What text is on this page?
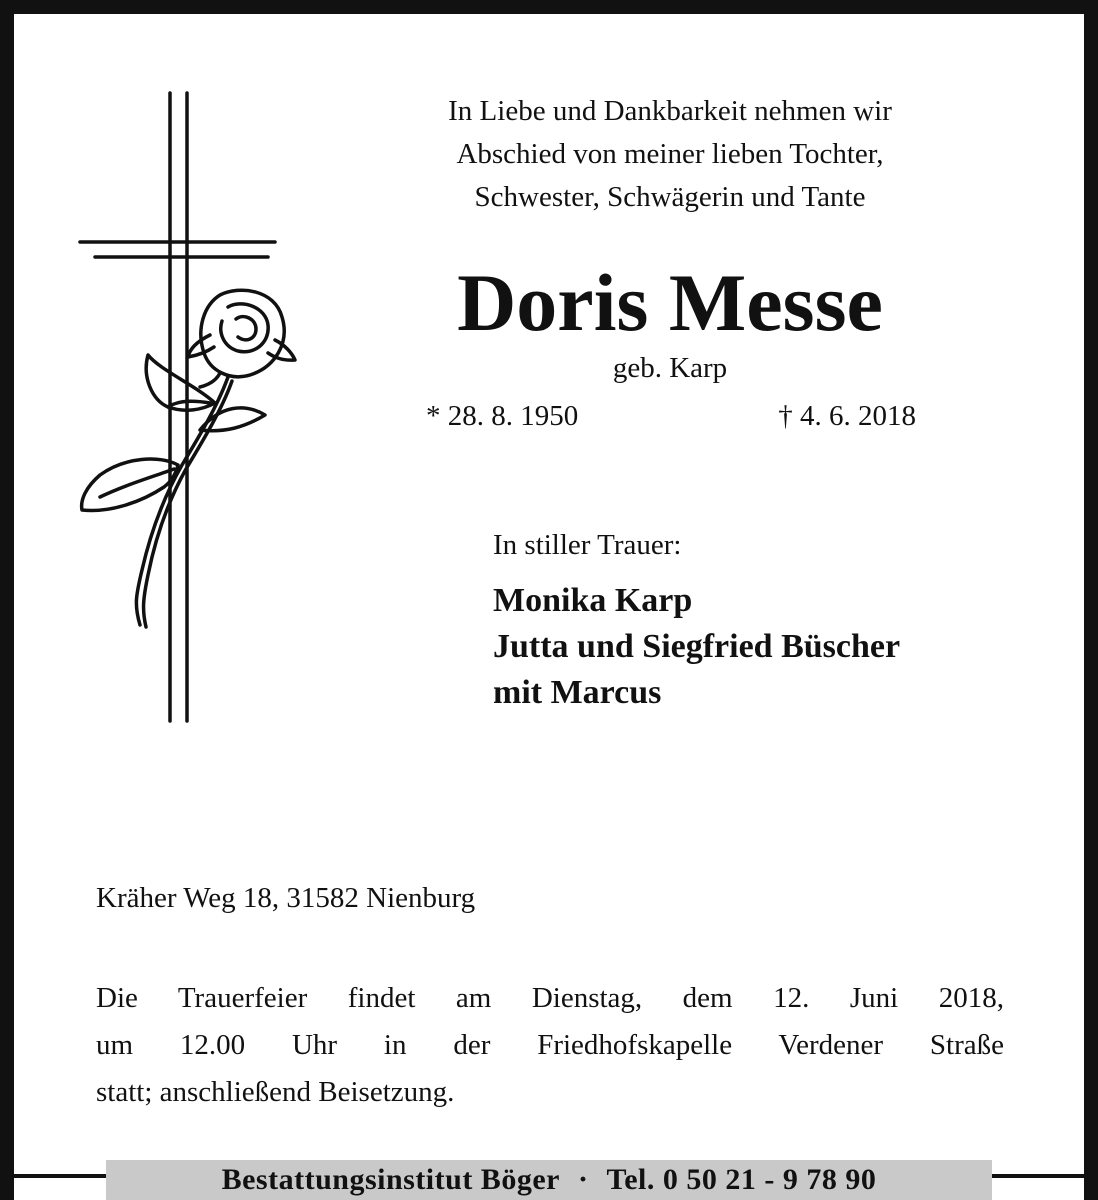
In Liebe und Dankbarkeit nehmen wir
Abschied von meiner lieben Tochter,
Schwester, Schwägerin und Tante
Doris Messe
geb. Karp
* 28. 8. 1950	† 4. 6. 2018
In stiller Trauer:
Monika Karp
Jutta und Siegfried Büscher
mit Marcus
Kräher Weg 18, 31582 Nienburg
Die Trauerfeier findet am Dienstag, dem 12. Juni 2018,
um 12.00 Uhr in der Friedhofskapelle Verdener Straße
statt; anschließend Beisetzung.
Bestattungsinstitut Böger · Tel. 0 50 21 - 9 78 90
